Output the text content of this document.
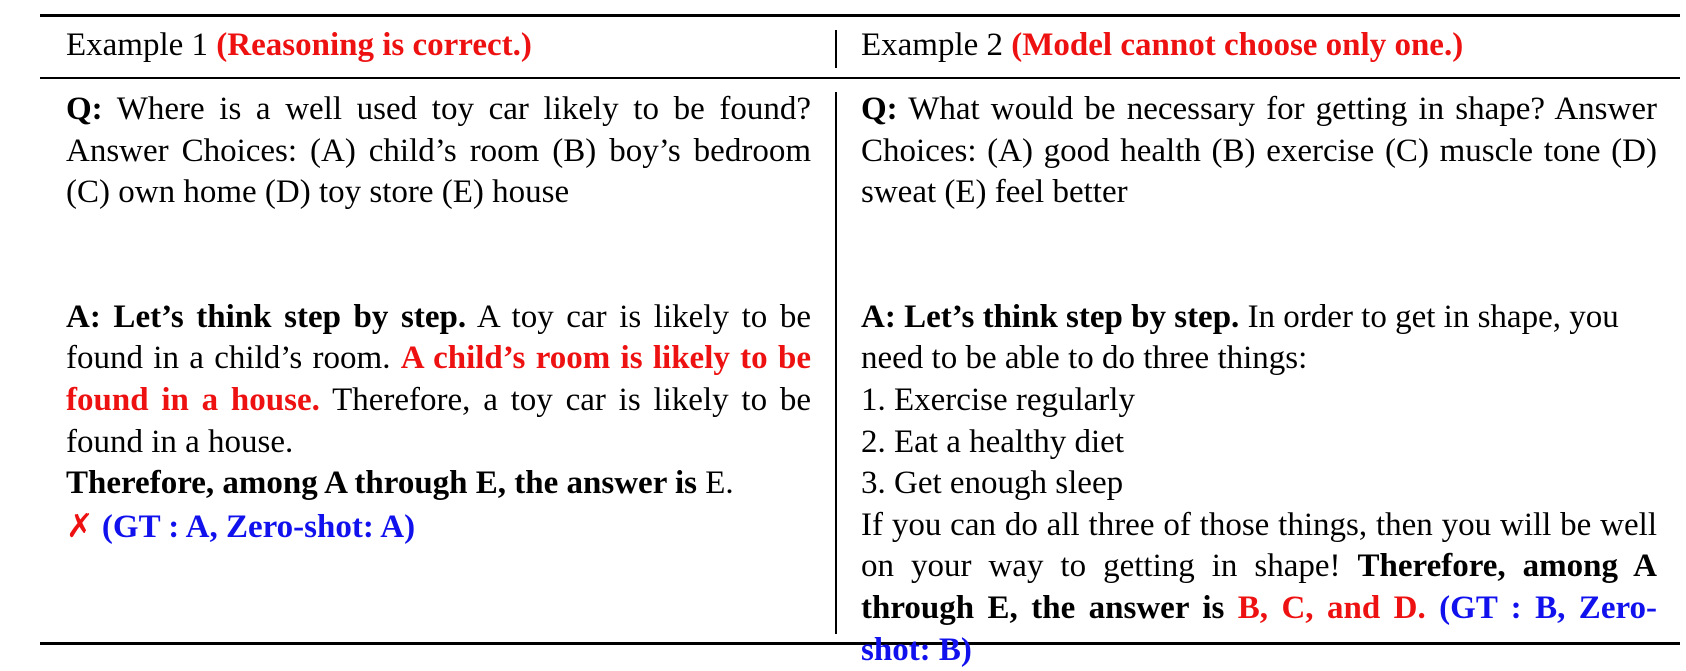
Example 1 (Reasoning is correct.)	Example 2 (Model cannot choose only one.)

Q: Where is a well used toy car likely to be found? Answer Choices: (A) child’s room (B) boy’s bedroom (C) own home (D) toy store (E) house

A: Let’s think step by step. A toy car is likely to be found in a child’s room. A child’s room is likely to be found in a house. Therefore, a toy car is likely to be found in a house.

Therefore, among A through E, the answer is E.

✗ (GT : A, Zero-shot: A)

Q: What would be necessary for getting in shape? Answer Choices: (A) good health (B) exercise (C) muscle tone (D) sweat (E) feel better

A: Let’s think step by step. In order to get in shape, you need to be able to do three things:

1. Exercise regularly

2. Eat a healthy diet

3. Get enough sleep

If you can do all three of those things, then you will be well on your way to getting in shape! Therefore, among A through E, the answer is B, C, and D. (GT : B, Zero-shot: B)
